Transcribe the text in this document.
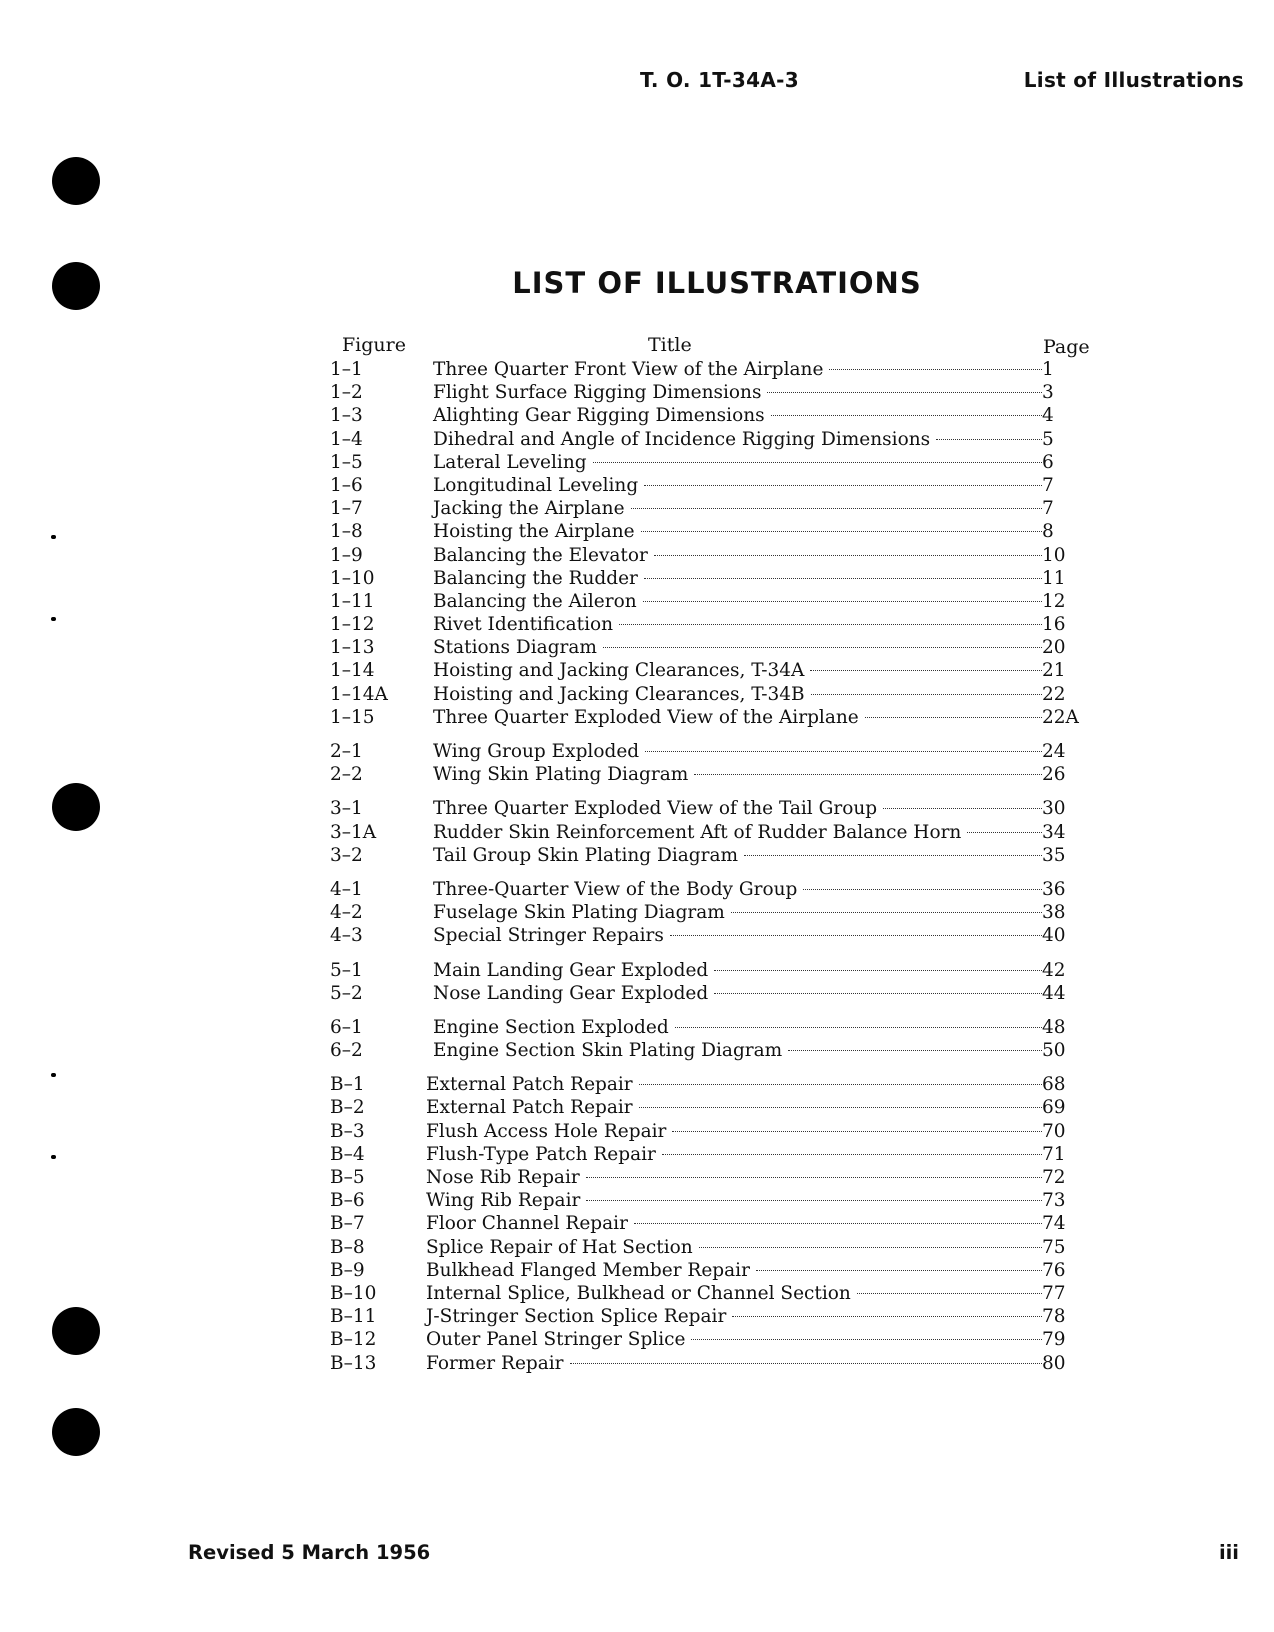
T. O. 1T-34A-3	List of Illustrations
LIST OF ILLUSTRATIONS
Figure	Title	Page
1–1	Three Quarter Front View of the Airplane	1
1–2	Flight Surface Rigging Dimensions	3
1–3	Alighting Gear Rigging Dimensions	4
1–4	Dihedral and Angle of Incidence Rigging Dimensions	5
1–5	Lateral Leveling	6
1–6	Longitudinal Leveling	7
1–7	Jacking the Airplane	7
1–8	Hoisting the Airplane	8
1–9	Balancing the Elevator	10
1–10	Balancing the Rudder	11
1–11	Balancing the Aileron	12
1–12	Rivet Identification	16
1–13	Stations Diagram	20
1–14	Hoisting and Jacking Clearances, T-34A	21
1–14A	Hoisting and Jacking Clearances, T-34B	22
1–15	Three Quarter Exploded View of the Airplane	22A
2–1	Wing Group Exploded	24
2–2	Wing Skin Plating Diagram	26
3–1	Three Quarter Exploded View of the Tail Group	30
3–1A	Rudder Skin Reinforcement Aft of Rudder Balance Horn	34
3–2	Tail Group Skin Plating Diagram	35
4–1	Three-Quarter View of the Body Group	36
4–2	Fuselage Skin Plating Diagram	38
4–3	Special Stringer Repairs	40
5–1	Main Landing Gear Exploded	42
5–2	Nose Landing Gear Exploded	44
6–1	Engine Section Exploded	48
6–2	Engine Section Skin Plating Diagram	50
B–1	External Patch Repair	68
B–2	External Patch Repair	69
B–3	Flush Access Hole Repair	70
B–4	Flush-Type Patch Repair	71
B–5	Nose Rib Repair	72
B–6	Wing Rib Repair	73
B–7	Floor Channel Repair	74
B–8	Splice Repair of Hat Section	75
B–9	Bulkhead Flanged Member Repair	76
B–10	Internal Splice, Bulkhead or Channel Section	77
B–11	J-Stringer Section Splice Repair	78
B–12	Outer Panel Stringer Splice	79
B–13	Former Repair	80
Revised 5 March 1956	iii
